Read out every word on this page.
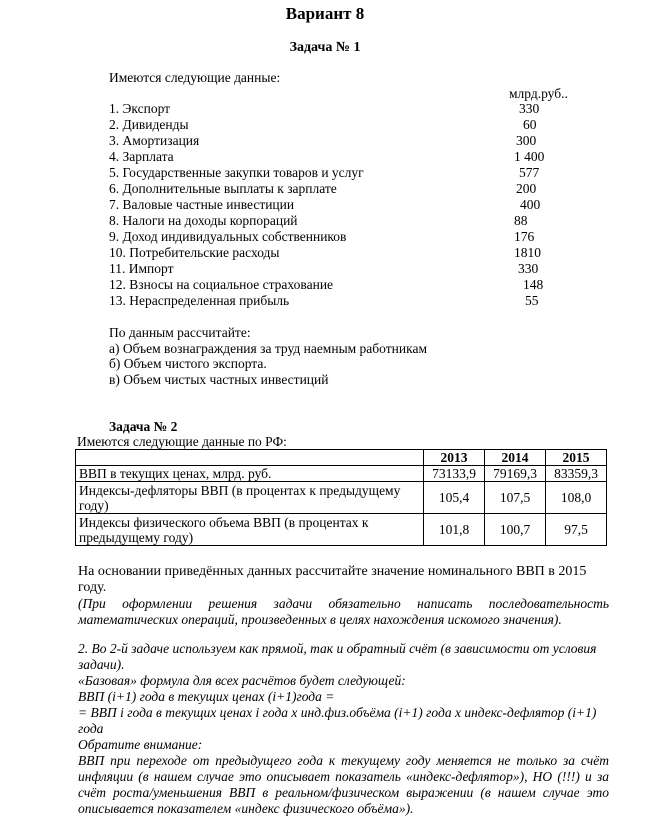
Вариант 8
Задача № 1
Имеются следующие данные:
млрд.руб..
1. Экспорт	330
2. Дивиденды	60
3. Амортизация	300
4. Зарплата	1 400
5. Государственные закупки товаров и услуг	577
6. Дополнительные выплаты к зарплате	200
7. Валовые частные инвестиции	400
8. Налоги на доходы корпораций	88
9. Доход индивидуальных собственников	176
10. Потребительские расходы	1810
11. Импорт	330
12. Взносы на социальное страхование	148
13. Нераспределенная прибыль	55
По данным рассчитайте:
а) Объем вознаграждения за труд наемным работникам
б) Объем чистого экспорта.
в) Объем чистых частных инвестиций
Задача № 2
Имеются следующие данные по РФ:
	2013	2014	2015
ВВП в текущих ценах, млрд. руб.	73133,9	79169,3	83359,3
Индексы-дефляторы ВВП (в процентах к предыдущему году)	105,4	107,5	108,0
Индексы физического объема ВВП (в процентах к предыдущему году)	101,8	100,7	97,5
На основании приведённых данных рассчитайте значение номинального ВВП в 2015 году.
(При оформлении решения задачи обязательно написать последовательность математических операций, произведенных в целях нахождения искомого значения).
2. Во 2-й задаче используем как прямой, так и обратный счёт (в зависимости от условия задачи).
«Базовая» формула для всех расчётов будет следующей:
ВВП (i+1) года в текущих ценах (i+1)года =
= ВВП i года в текущих ценах i года х инд.физ.объёма (i+1) года х индекс-дефлятор (i+1) года
Обратите внимание:
ВВП при переходе от предыдущего года к текущему году меняется не только за счёт инфляции (в нашем случае это описывает показатель «индекс-дефлятор»), НО (!!!) и за счёт роста/уменьшения ВВП в реальном/физическом выражении (в нашем случае это описывается показателем «индекс физического объёма»).
